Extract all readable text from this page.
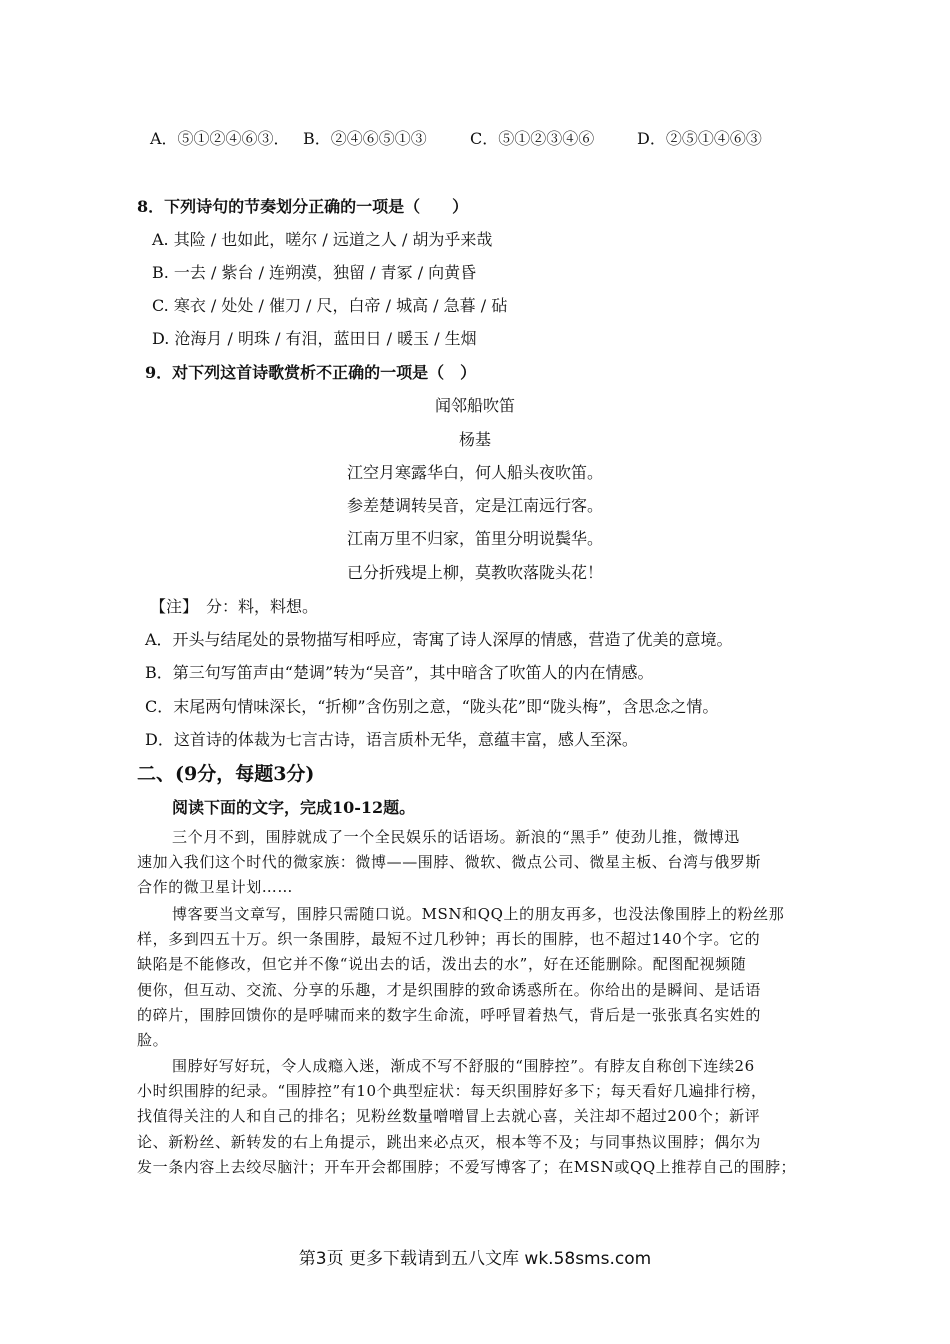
A．⑤①②④⑥③． B．②④⑥⑤①③	C．⑤①②③④⑥	D．②⑤①④⑥③
8．下列诗句的节奏划分正确的一项是（　　）
A. 其险 / 也如此，嗟尔 / 远道之人 / 胡为乎来哉
B. 一去 / 紫台 / 连朔漠，独留 / 青冢 / 向黄昏
C. 寒衣 / 处处 / 催刀 / 尺，白帝 / 城高 / 急暮 / 砧
D. 沧海月 / 明珠 / 有泪，蓝田日 / 暖玉 / 生烟
9．对下列这首诗歌赏析不正确的一项是（　）
闻邻船吹笛
杨基
江空月寒露华白，何人船头夜吹笛。
参差楚调转吴音，定是江南远行客。
江南万里不归家，笛里分明说鬓华。
已分折残堤上柳，莫教吹落陇头花！
【注】　分：料，料想。
A．开头与结尾处的景物描写相呼应，寄寓了诗人深厚的情感，营造了优美的意境。
B．第三句写笛声由“楚调”转为“吴音”，其中暗含了吹笛人的内在情感。
C．末尾两句情味深长，“折柳”含伤别之意，“陇头花”即“陇头梅”，含思念之情。
D．这首诗的体裁为七言古诗，语言质朴无华，意蕴丰富，感人至深。
二、(9分，每题3分)
阅读下面的文字，完成10-12题。
三个月不到，围脖就成了一个全民娱乐的话语场。新浪的“黑手” 使劲儿推，微博迅
速加入我们这个时代的微家族：微博——围脖、微软、微点公司、微星主板、台湾与俄罗斯
合作的微卫星计划……
博客要当文章写，围脖只需随口说。MSN和QQ上的朋友再多，也没法像围脖上的粉丝那
样，多到四五十万。织一条围脖，最短不过几秒钟；再长的围脖，也不超过140个字。它的
缺陷是不能修改，但它并不像“说出去的话，泼出去的水”，好在还能删除。配图配视频随
便你，但互动、交流、分享的乐趣，才是织围脖的致命诱惑所在。你给出的是瞬间、是话语
的碎片，围脖回馈你的是呼啸而来的数字生命流，呼呼冒着热气，背后是一张张真名实姓的
脸。
围脖好写好玩，令人成瘾入迷，渐成不写不舒服的“围脖控”。有脖友自称创下连续26
小时织围脖的纪录。“围脖控”有10个典型症状：每天织围脖好多下；每天看好几遍排行榜，
找值得关注的人和自己的排名；见粉丝数量噌噌冒上去就心喜，关注却不超过200个；新评
论、新粉丝、新转发的右上角提示，跳出来必点灭，根本等不及；与同事热议围脖；偶尔为
发一条内容上去绞尽脑汁；开车开会都围脖；不爱写博客了；在MSN或QQ上推荐自己的围脖；
第3页 更多下载请到五八文库 wk.58sms.com
